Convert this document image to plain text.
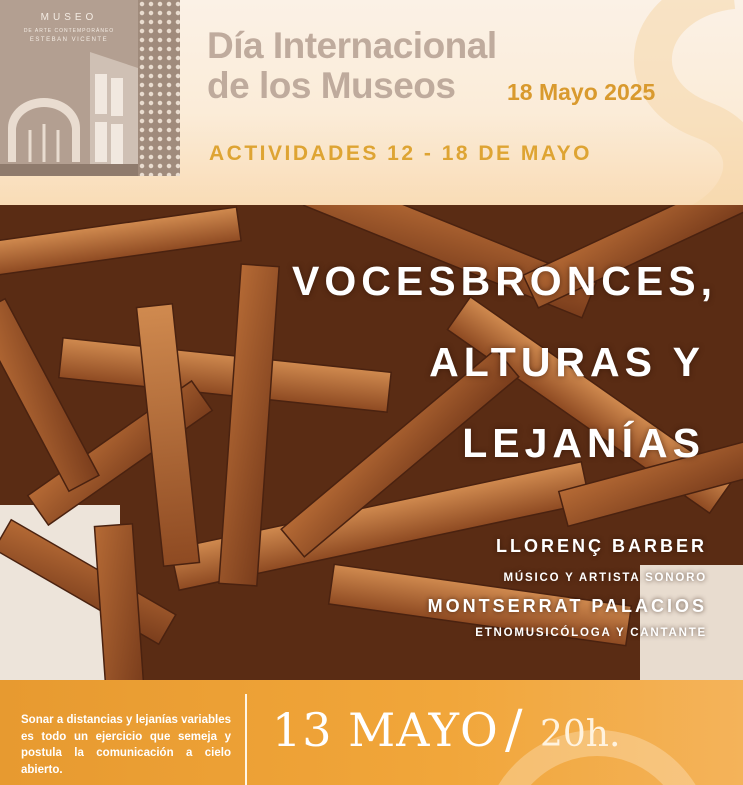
MUSEO
DE ARTE CONTEMPORÁNEO
ESTEBAN VICENTE	Día Internacional
de los Museos 18 Mayo 2025
ACTIVIDADES 12 - 18 DE MAYO
VOCESBRONCES,
ALTURAS Y
LEJANÍAS
LLORENÇ BARBER
MÚSICO Y ARTISTA SONORO
MONTSERRAT PALACIOS
ETNOMUSICÓLOGA Y CANTANTE

Sonar a distancias y lejanías variables es todo un ejercicio que semeja y postula la comunicación a cielo abierto.

13 MAYO / 20h.
